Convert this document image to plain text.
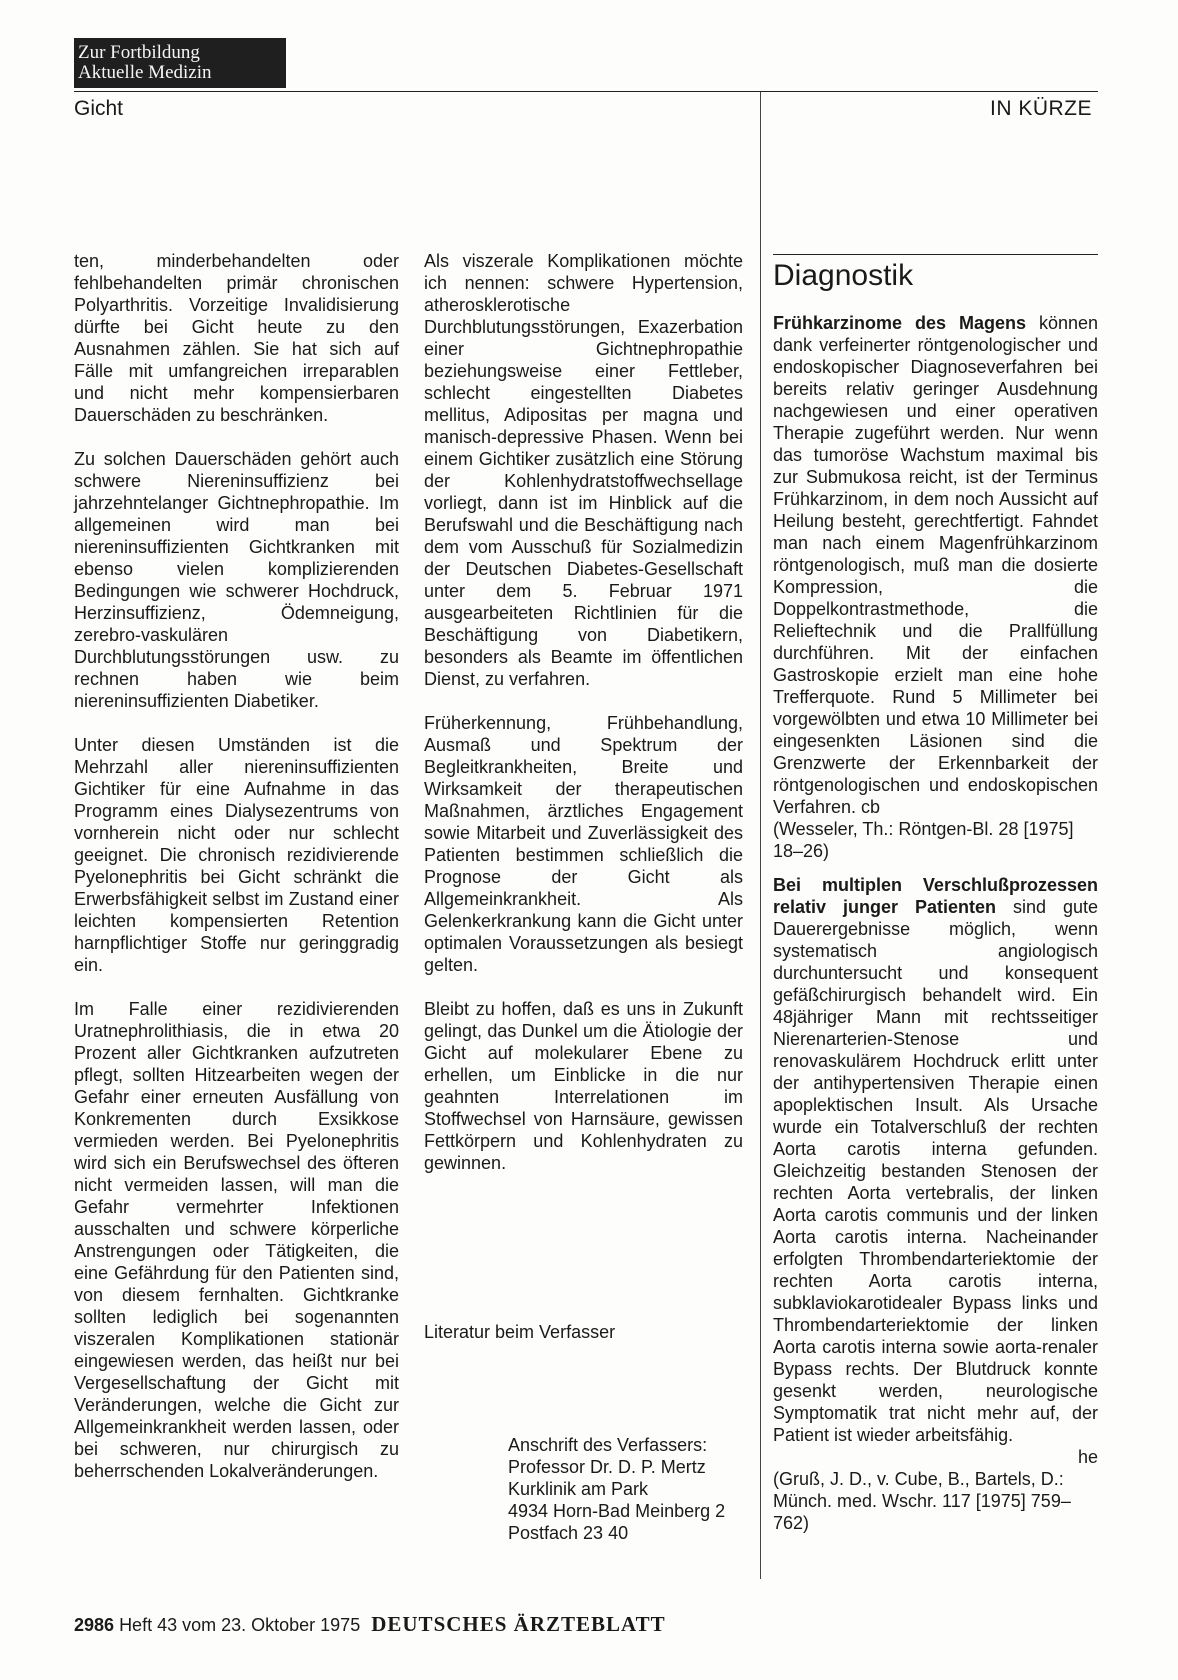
Zur Fortbildung
Aktuelle Medizin
Gicht	IN KÜRZE

ten, minderbehandelten oder fehlbehandelten primär chronischen Polyarthritis. Vorzeitige Invalidisierung dürfte bei Gicht heute zu den Ausnahmen zählen. Sie hat sich auf Fälle mit umfangreichen irreparablen und nicht mehr kompensierbaren Dauerschäden zu beschränken.

Zu solchen Dauerschäden gehört auch schwere Niereninsuffizienz bei jahrzehntelanger Gichtnephropathie. Im allgemeinen wird man bei niereninsuffizienten Gichtkranken mit ebenso vielen komplizierenden Bedingungen wie schwerer Hochdruck, Herzinsuffizienz, Ödemneigung, zerebro-vaskulären Durchblutungsstörungen usw. zu rechnen haben wie beim niereninsuffizienten Diabetiker.

Unter diesen Umständen ist die Mehrzahl aller niereninsuffizienten Gichtiker für eine Aufnahme in das Programm eines Dialysezentrums von vornherein nicht oder nur schlecht geeignet. Die chronisch rezidivierende Pyelonephritis bei Gicht schränkt die Erwerbsfähigkeit selbst im Zustand einer leichten kompensierten Retention harnpflichtiger Stoffe nur geringgradig ein.

Im Falle einer rezidivierenden Uratnephrolithiasis, die in etwa 20 Prozent aller Gichtkranken aufzutreten pflegt, sollten Hitzearbeiten wegen der Gefahr einer erneuten Ausfällung von Konkrementen durch Exsikkose vermieden werden. Bei Pyelonephritis wird sich ein Berufswechsel des öfteren nicht vermeiden lassen, will man die Gefahr vermehrter Infektionen ausschalten und schwere körperliche Anstrengungen oder Tätigkeiten, die eine Gefährdung für den Patienten sind, von diesem fernhalten. Gichtkranke sollten lediglich bei sogenannten viszeralen Komplikationen stationär eingewiesen werden, das heißt nur bei Vergesellschaftung der Gicht mit Veränderungen, welche die Gicht zur Allgemeinkrankheit werden lassen, oder bei schweren, nur chirurgisch zu beherrschenden Lokalveränderungen.

Als viszerale Komplikationen möchte ich nennen: schwere Hypertension, atherosklerotische Durchblutungsstörungen, Exazerbation einer Gichtnephropathie beziehungsweise einer Fettleber, schlecht eingestellten Diabetes mellitus, Adipositas per magna und manisch-depressive Phasen. Wenn bei einem Gichtiker zusätzlich eine Störung der Kohlenhydratstoffwechsellage vorliegt, dann ist im Hinblick auf die Berufswahl und die Beschäftigung nach dem vom Ausschuß für Sozialmedizin der Deutschen Diabetes-Gesellschaft unter dem 5. Februar 1971 ausgearbeiteten Richtlinien für die Beschäftigung von Diabetikern, besonders als Beamte im öffentlichen Dienst, zu verfahren.

Früherkennung, Frühbehandlung, Ausmaß und Spektrum der Begleitkrankheiten, Breite und Wirksamkeit der therapeutischen Maßnahmen, ärztliches Engagement sowie Mitarbeit und Zuverlässigkeit des Patienten bestimmen schließlich die Prognose der Gicht als Allgemeinkrankheit. Als Gelenkerkrankung kann die Gicht unter optimalen Voraussetzungen als besiegt gelten.

Bleibt zu hoffen, daß es uns in Zukunft gelingt, das Dunkel um die Ätiologie der Gicht auf molekularer Ebene zu erhellen, um Einblicke in die nur geahnten Interrelationen im Stoffwechsel von Harnsäure, gewissen Fettkörpern und Kohlenhydraten zu gewinnen.

Literatur beim Verfasser
Anschrift des Verfassers:
Professor Dr. D. P. Mertz
Kurklinik am Park
4934 Horn-Bad Meinberg 2
Postfach 23 40
Diagnostik

Frühkarzinome des Magens können dank verfeinerter röntgenologischer und endoskopischer Diagnoseverfahren bei bereits relativ geringer Ausdehnung nachgewiesen und einer operativen Therapie zugeführt werden. Nur wenn das tumoröse Wachstum maximal bis zur Submukosa reicht, ist der Terminus Frühkarzinom, in dem noch Aussicht auf Heilung besteht, gerechtfertigt. Fahndet man nach einem Magenfrühkarzinom röntgenologisch, muß man die dosierte Kompression, die Doppelkontrastmethode, die Relieftechnik und die Prallfüllung durchführen. Mit der einfachen Gastroskopie erzielt man eine hohe Trefferquote. Rund 5 Millimeter bei vorgewölbten und etwa 10 Millimeter bei eingesenkten Läsionen sind die Grenzwerte der Erkennbarkeit der röntgenologischen und endoskopischen Verfahren. cb
(Wesseler, Th.: Röntgen-Bl. 28 [1975] 18–26)

Bei multiplen Verschlußprozessen relativ junger Patienten sind gute Dauerergebnisse möglich, wenn systematisch angiologisch durchuntersucht und konsequent gefäßchirurgisch behandelt wird. Ein 48jähriger Mann mit rechtsseitiger Nierenarterien-Stenose und renovaskulärem Hochdruck erlitt unter der antihypertensiven Therapie einen apoplektischen Insult. Als Ursache wurde ein Totalverschluß der rechten Aorta carotis interna gefunden. Gleichzeitig bestanden Stenosen der rechten Aorta vertebralis, der linken Aorta carotis communis und der linken Aorta carotis interna. Nacheinander erfolgten Thrombendarteriektomie der rechten Aorta carotis interna, subklaviokarotidealer Bypass links und Thrombendarteriektomie der linken Aorta carotis interna sowie aorta-renaler Bypass rechts. Der Blutdruck konnte gesenkt werden, neurologische Symptomatik trat nicht mehr auf, der Patient ist wieder arbeitsfähig.
he
(Gruß, J. D., v. Cube, B., Bartels, D.: Münch. med. Wschr. 117 [1975] 759–762)

2986 Heft 43 vom 23. Oktober 1975 DEUTSCHES ÄRZTEBLATT
